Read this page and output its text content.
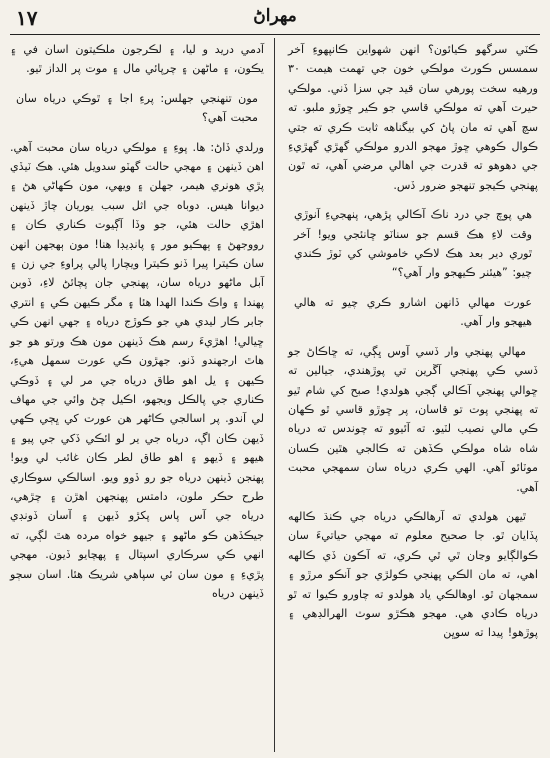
١٧	مهراڻ

ڪٽي سرگهو ڪيائون؟ انهن شهواين ڪانپهوءِ آخر سمسس ڪورٽ مولڪي خون جي تهمت هيمت ٣٠ ورهيه سخت پورهي سان قيد جي سزا ڏني. مولڪي حيرت آهي ته مولڪي قاسي جو ڪير ڇوڙو ملبو. ته سچ آهي ته مان پاڻ کي بيگناهه ثابت ڪري ته جتي ڪوال ڪوهي ڇوڙ مهجو الدرو مولڪي گهڙي گهڙيءِ جي دهوهو ته قدرت جي اهالي مرضي آهي، ته ٿون پهنجي ڪيجو تنهجو ضرور ڏس.

هي پوچ جي درد ناڪ آڪالي پڙهي، پنهجيءِ آنوڙي وقت لاءِ هڪ قسم جو سناٽو ڇانئجي ويو! آخر ٿوري دير بعد هڪ لاڪي خاموشي کي ٽوڙ ڪندي چيو: ”هيئنر ڪيهجو وار آهي؟“

عورت مهالي ڏانهن اشارو ڪري چيو ته هالي هيهجو وار آهي.

مهالي پهنجي وار ڏسي آوس ڀڳي، ته ڇاڪاڻ جو ڏسي ڪي پهنجي آڱرين تي پوڙهندي، جيالين ته ڇوالي پهنجي آڪالي ڳجي هولدي! صبح کي شام ٿيو ته پهنجي پوت تو قاسان، پر ڇوڙو قاسي ٿو ڪهان ڪي مالي نصيب لٽيو. ته آئيوو ته چوندس ته درياه شاه شاه مولڪي ڪڏهن ته ڪالجي هٿين ڪسان موٽائو آهي. الهي ڪري درياه سان سمهجي محبت آهي.

ٿيهن هولدي ته آرهالڪي درياه جي ڪنڌ ڪالهه پڏايان ٿو. جا صحيح معلوم ته مهجي حياتيءَ سان ڪوالڳايو وڃان ٿي ٿي ڪري، ته آڪون ڏي ڪالهه اهي، ته مان الڪي پهنجي ڪولڙي جو آنڪو مرڙو ۽ سمجهان ٿو. اوهالڪي ياد هولدو ته چاورو ڪيوا ته ٿو درياه ڪادي هي. مهجو هڪڙو سوٽ الهرالڊهي ۽ پوڙهو! پيدا ته سوڀن

آدمي دريد و ليا، ۽ لڪرجون ملڪيتون اسان في ۽ يڪون، ۽ ماڻهن ۽ چرپائي مال ۽ موت پر الداز ٿيو.

مون تنهنجي جهلس: پرءِ اجا ۽ ٿوڪي درياه سان محبت آهي؟

ورلدي ڏاڻ: ها. پوءِ ۽ مولڪي درياه سان محبت آهي. اهن ڏينهن ۽ مهجي حالت گهٽو سدويل هئي. هڪ ٽيڏي پڙي هونري هيمر، جهلن ۽ ويهي، مون ڪهاڻي هڻ ۽ ديوانا هيس. دوباه جي اثل سبب يوريان چاڙ ڏينهن اهڙي حالت هئي، جو وڏا آڳيوت ڪناري ڪان ۽ رووجهڻ ۽ ٻهڪيو مور ۽ پانڊيڊا هنا! مون ٻهجهن انهن سان ڪيترا پيرا ڏنو ڪيترا ويچارا پالي پراوءِ جي زن ۽ آبل ماڻهو درياه سان، پهنجي جان پچائڻ لاءِ، ڏوبن پهندا ۽ واڪ ڪندا الهدا هئا ۽ مگر ڪيهن ڪي ۽ انتري جابر ڪار ليدي هي جو ڪوڙج درياه ۽ جهي انهن ڪي ڇيالي! اهڙيءَ رسم هڪ ڏينهن مون هڪ ورتو هو جو هاٿ ارجهندو ڏنو. جهڙون ڪي عورت سمهل هيءِ، ڪيهن ۽ يل اهو طاق درياه جي مر لي ۽ ڏوڪي ڪناري جي پالڪل ويجهو، اڪيل چڻ وائي جي مهاف لي آندو. پر اسالجي ڪاڻهر هن عورت کي ڀڄي ڪهي ڏيهن ڪان اڳ، درياه جي ير لو ائڪي ڏکي جي پيو ۽ هيهو ۽ ڏيهو ۽ اهو طاق لطر ڪان غائب لي ويو! پهنجن ڏينهن درياه جو رو ڏوو ويو. اسالڪي سوڪاري طرح حڪر ملون، دامتس پهنجهن اهڙن ۽ چڙهي، درياه جي آس پاس پکڙو ڏيهن ۽ آسان ڏونڊي جيڪڏهن ڪو ماڻهو ۽ جيهو خواه مرده هٿ لڳي، ته انهي ڪي سرڪاري اسپتال ۽ پهچايو ڏيون. مهجي پڙيءِ ۽ مون سان ئي سپاهي شريڪ هئا. اسان سڄو ڏينهن درياه
